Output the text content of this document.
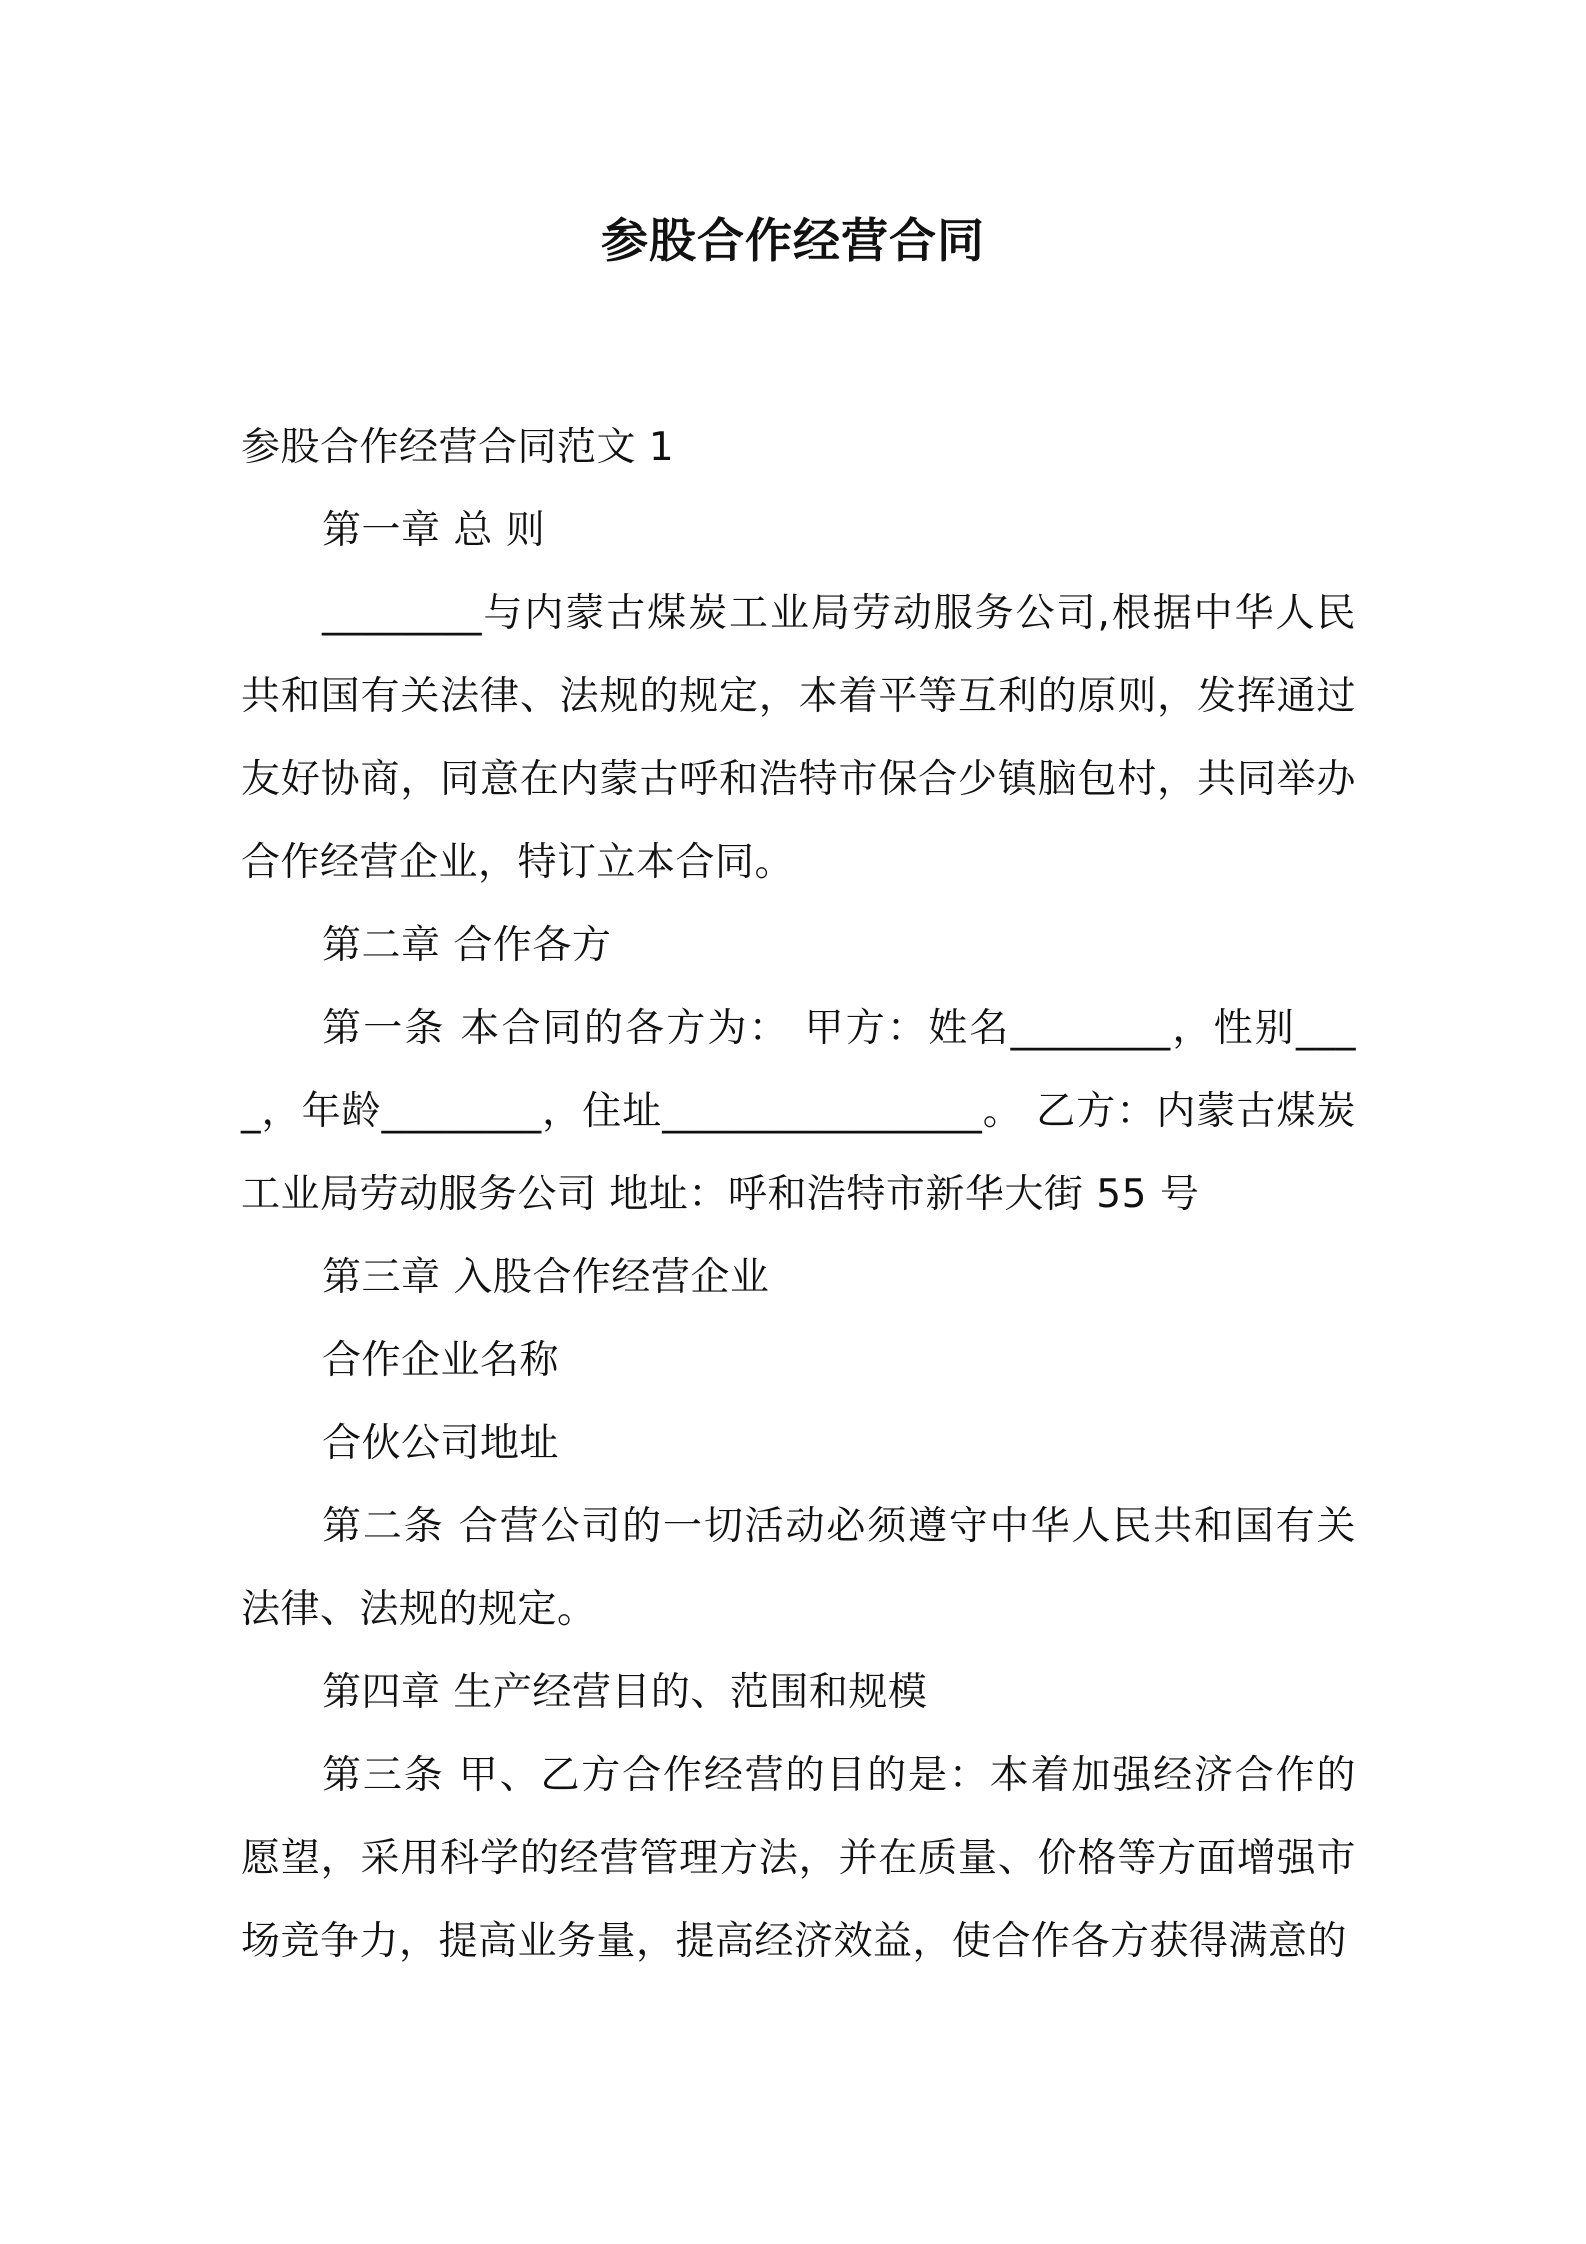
参股合作经营合同

参股合作经营合同范文 1

第一章 总 则

________与内蒙古煤炭工业局劳动服务公司,根据中华人民共和国有关法律、法规的规定，本着平等互利的原则，发挥通过友好协商，同意在内蒙古呼和浩特市保合少镇脑包村，共同举办合作经营企业，特订立本合同。

第二章 合作各方

第一条 本合同的各方为： 甲方：姓名________，性别____，年龄________，住址________________。 乙方：内蒙古煤炭工业局劳动服务公司 地址：呼和浩特市新华大街 55 号

第三章 入股合作经营企业

合作企业名称

合伙公司地址

第二条 合营公司的一切活动必须遵守中华人民共和国有关法律、法规的规定。

第四章 生产经营目的、范围和规模

第三条 甲、乙方合作经营的目的是：本着加强经济合作的愿望，采用科学的经营管理方法，并在质量、价格等方面增强市场竞争力，提高业务量，提高经济效益，使合作各方获得满意的
